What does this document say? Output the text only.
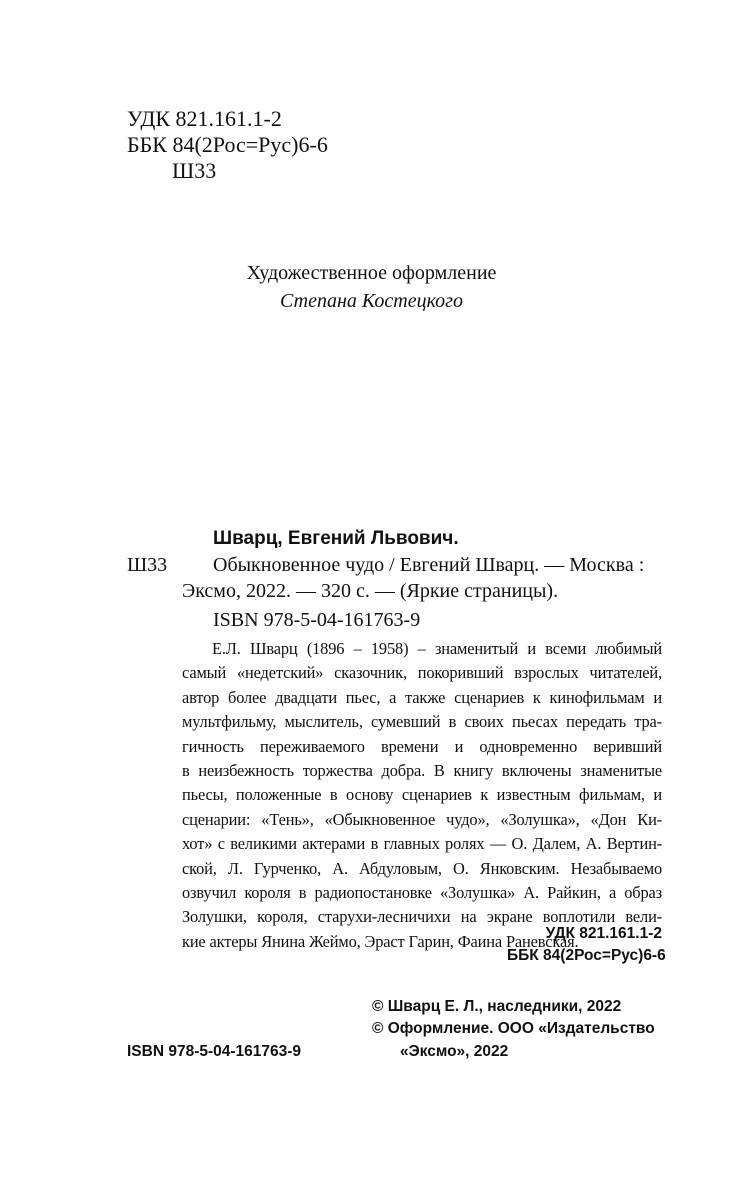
УДК 821.161.1-2
ББК 84(2Рос=Рус)6-6
Ш33
Художественное оформление
Степана Костецкого
Шварц, Евгений Львович.
Ш33 Обыкновенное чудо / Евгений Шварц. — Москва :
Эксмо, 2022. — 320 с. — (Яркие страницы).
ISBN 978-5-04-161763-9
Е.Л. Шварц (1896 – 1958) – знаменитый и всеми любимый
самый «недетский» сказочник, покоривший взрослых читателей,
автор более двадцати пьес, а также сценариев к кинофильмам и
мультфильму, мыслитель, сумевший в своих пьесах передать тра-
гичность переживаемого времени и одновременно веривший
в неизбежность торжества добра. В книгу включены знаменитые
пьесы, положенные в основу сценариев к известным фильмам, и
сценарии: «Тень», «Обыкновенное чудо», «Золушка», «Дон Ки-
хот» с великими актерами в главных ролях — О. Далем, А. Вертин-
ской, Л. Гурченко, А. Абдуловым, О. Янковским. Незабываемо
озвучил короля в радиопостановке «Золушка» А. Райкин, а образ
Золушки, короля, старухи-лесничихи на экране воплотили вели-
кие актеры Янина Жеймо, Эраст Гарин, Фаина Раневская.
УДК 821.161.1-2
ББК 84(2Рос=Рус)6-6
© Шварц Е. Л., наследники, 2022
© Оформление. ООО «Издательство
«Эксмо», 2022
ISBN 978-5-04-161763-9
